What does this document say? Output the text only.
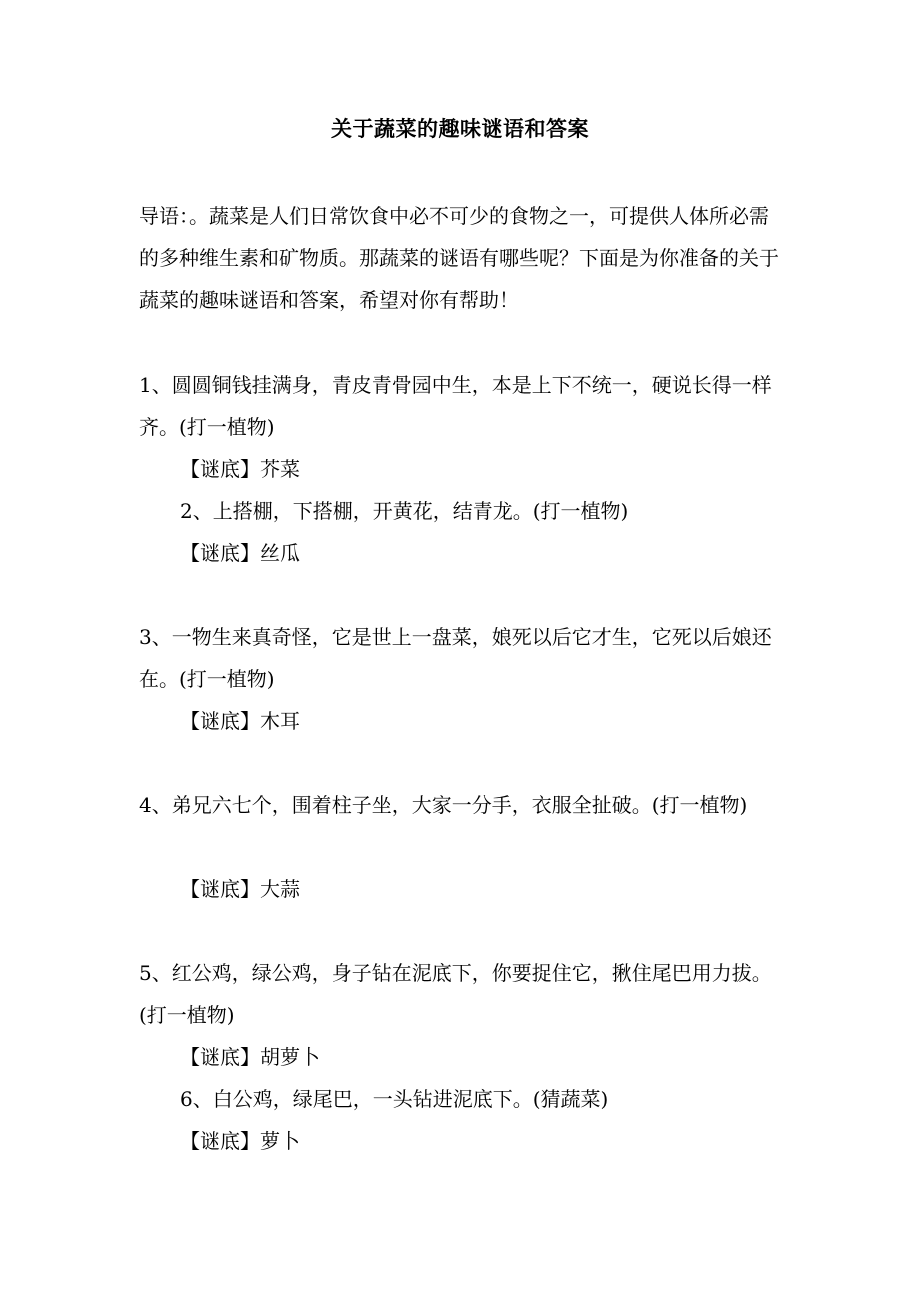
关于蔬菜的趣味谜语和答案

导语：。蔬菜是人们日常饮食中必不可少的食物之一，可提供人体所必需的多种维生素和矿物质。那蔬菜的谜语有哪些呢？下面是为你准备的关于蔬菜的趣味谜语和答案，希望对你有帮助！

1、圆圆铜钱挂满身，青皮青骨园中生，本是上下不统一，硬说长得一样齐。(打一植物)

【谜底】芥菜
2、上搭棚，下搭棚，开黄花，结青龙。(打一植物)
【谜底】丝瓜

3、一物生来真奇怪，它是世上一盘菜，娘死以后它才生，它死以后娘还在。(打一植物)

【谜底】木耳

4、弟兄六七个，围着柱子坐，大家一分手，衣服全扯破。(打一植物)

【谜底】大蒜

5、红公鸡，绿公鸡，身子钻在泥底下，你要捉住它，揪住尾巴用力拔。(打一植物)

【谜底】胡萝卜
6、白公鸡，绿尾巴，一头钻进泥底下。(猜蔬菜)
【谜底】萝卜
